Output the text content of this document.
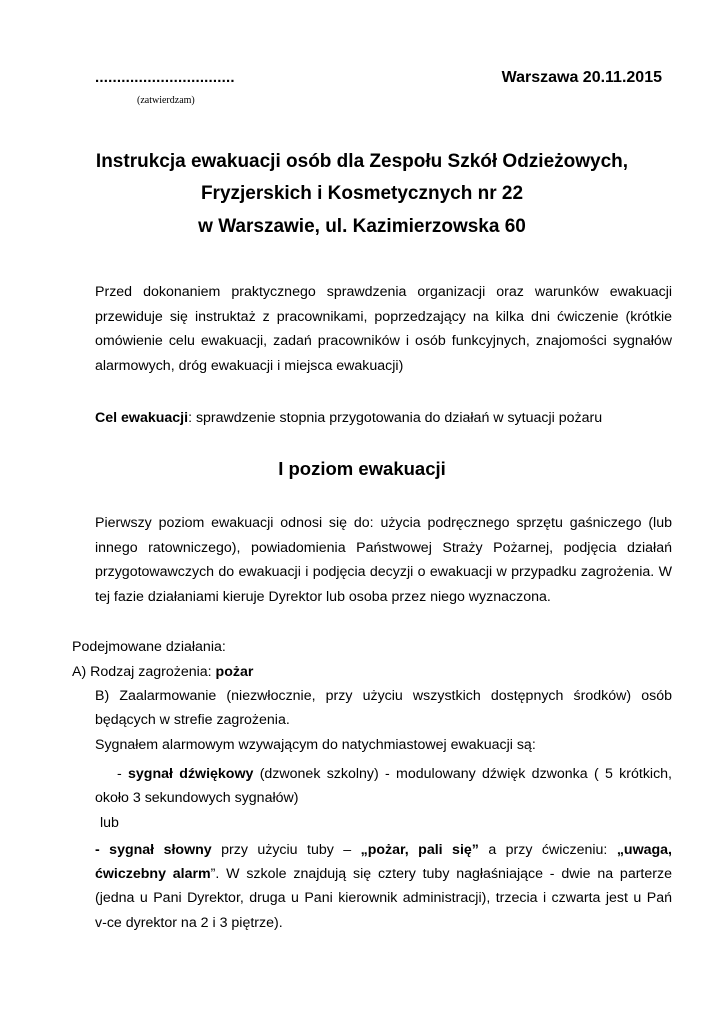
................................	Warszawa 20.11.2015
(zatwierdzam)
Instrukcja ewakuacji osób dla Zespołu Szkół Odzieżowych,
Fryzjerskich i Kosmetycznych nr 22
w Warszawie, ul. Kazimierzowska 60
Przed dokonaniem praktycznego sprawdzenia organizacji oraz warunków ewakuacji przewiduje się instruktaż z pracownikami, poprzedzający na kilka dni ćwiczenie (krótkie omówienie celu ewakuacji, zadań pracowników i osób funkcyjnych, znajomości sygnałów alarmowych, dróg ewakuacji i miejsca ewakuacji)
Cel ewakuacji: sprawdzenie stopnia przygotowania do działań w sytuacji pożaru
I poziom ewakuacji
Pierwszy poziom ewakuacji odnosi się do: użycia podręcznego sprzętu gaśniczego (lub innego ratowniczego), powiadomienia Państwowej Straży Pożarnej, podjęcia działań przygotowawczych do ewakuacji i podjęcia decyzji o ewakuacji w przypadku zagrożenia. W tej fazie działaniami kieruje Dyrektor lub osoba przez niego wyznaczona.
Podejmowane działania:
A) Rodzaj zagrożenia: pożar
B) Zaalarmowanie (niezwłocznie, przy użyciu wszystkich dostępnych środków) osób
będących w strefie zagrożenia.
Sygnałem alarmowym wzywającym do natychmiastowej ewakuacji są:
- sygnał dźwiękowy (dzwonek szkolny) - modulowany dźwięk dzwonka ( 5 krótkich,
około 3 sekundowych sygnałów)
lub
- sygnał słowny przy użyciu tuby – „pożar, pali się” a przy ćwiczeniu: „uwaga,
ćwiczebny alarm”. W szkole znajdują się cztery tuby nagłaśniające - dwie na parterze
(jedna u Pani Dyrektor, druga u Pani kierownik administracji), trzecia i czwarta jest u Pań
v-ce dyrektor na 2 i 3 piętrze).
